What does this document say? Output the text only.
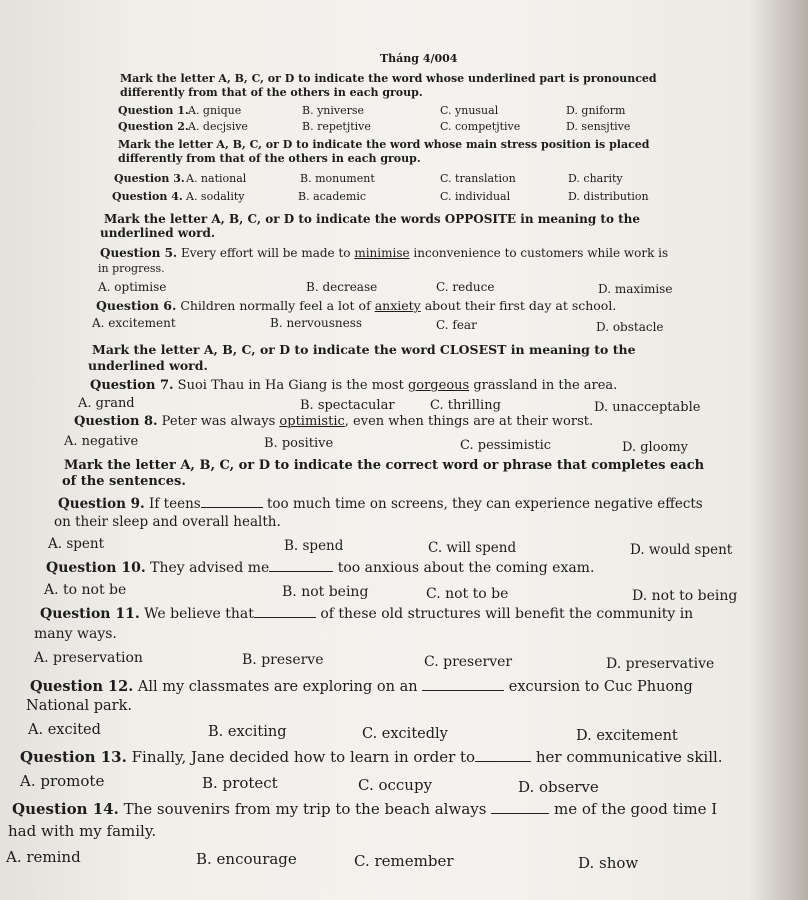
Tháng 4/004
Mark the letter A, B, C, or D to indicate the word whose underlined part is pronounced
differently from that of the others in each group.
Question 1. A. gnique	B. yniverse	C. ynusual	D. gniform
Question 2. A. decjsive	B. repetjtive	C. competjtive	D. sensjtive
Mark the letter A, B, C, or D to indicate the word whose main stress position is placed
differently from that of the others in each group.
Question 3. A. national	B. monument	C. translation	D. charity
Question 4. A. sodality	B. academic	C. individual	D. distribution
Mark the letter A, B, C, or D to indicate the words OPPOSITE in meaning to the
underlined word.
Question 5. Every effort will be made to minimise inconvenience to customers while work is
in progress.
A. optimise	B. decrease	C. reduce	D. maximise
Question 6. Children normally feel a lot of anxiety about their first day at school.
A. excitement	B. nervousness	C. fear	D. obstacle
Mark the letter A, B, C, or D to indicate the word CLOSEST in meaning to the
underlined word.
Question 7. Suoi Thau in Ha Giang is the most gorgeous grassland in the area.
A. grand	B. spectacular	C. thrilling	D. unacceptable
Question 8. Peter was always optimistic, even when things are at their worst.
A. negative	B. positive	C. pessimistic	D. gloomy
Mark the letter A, B, C, or D to indicate the correct word or phrase that completes each
of the sentences.
Question 9. If teens	too much time on screens, they can experience negative effects
on their sleep and overall health.
A. spent	B. spend	C. will spend	D. would spent
Question 10. They advised me	too anxious about the coming exam.
A. to not be	B. not being	C. not to be	D. not to being
Question 11. We believe that	of these old structures will benefit the community in
many ways.
A. preservation	B. preserve	C. preserver	D. preservative
Question 12. All my classmates are exploring on an	excursion to Cuc Phuong
National park.
A. excited	B. exciting	C. excitedly	D. excitement
Question 13. Finally, Jane decided how to learn in order to	her communicative skill.
A. promote	B. protect	C. occupy	D. observe
Question 14. The souvenirs from my trip to the beach always	me of the good time I
had with my family.
A. remind	B. encourage	C. remember	D. show
